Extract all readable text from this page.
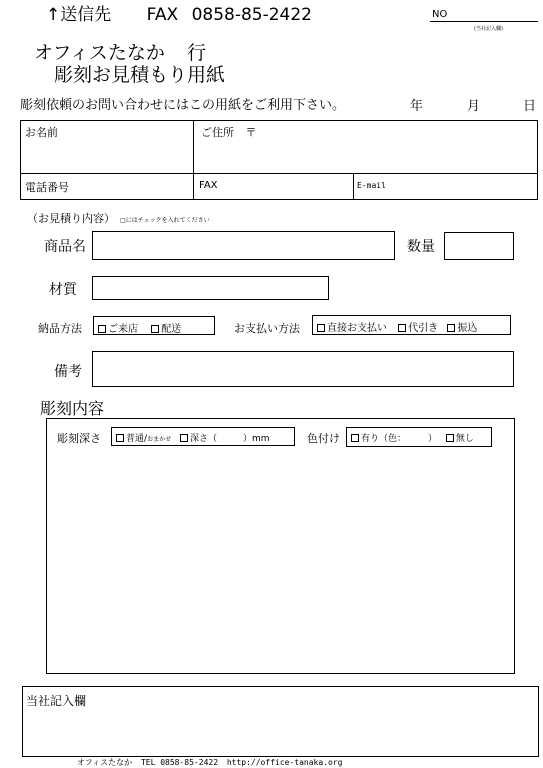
↑送信先 FAX 0858-85-2422	NO
(当社記入欄)
オフィスたなか 行
彫刻お見積もり用紙
彫刻依頼のお問い合わせにはこの用紙をご利用下さい。	年	月	日
お名前	ご住所 〒
電話番号	FAX	E-mail
（お見積り内容） □にはチェックを入れてください
商品名	数量
材質
納品方法	ご来店 配送	お支払い方法	直接お支払い 代引き 振込
備考
彫刻内容
彫刻深さ	普通/おまかせ 深さ（	）mm	色付け	有り（色： ） 無し
当社記入欄
オフィスたなか TEL 0858-85-2422 http://office-tanaka.org
